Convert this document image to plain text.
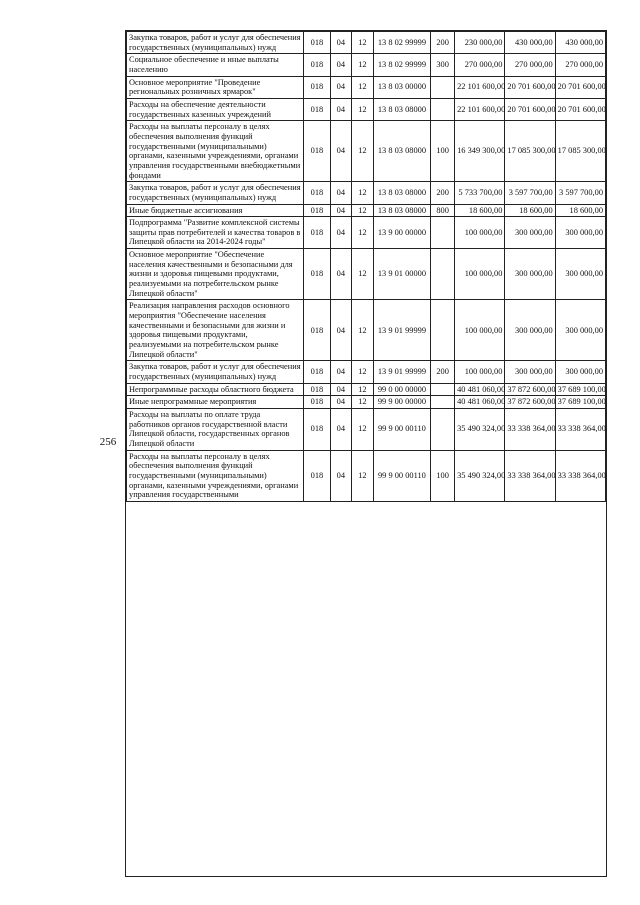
256
Закупка товаров, работ и услуг для обеспечения государственных (муниципальных) нужд	018	04	12	13 8 02 99999	200	230 000,00	430 000,00	430 000,00
Социальное обеспечение и иные выплаты населению	018	04	12	13 8 02 99999	300	270 000,00	270 000,00	270 000,00
Основное мероприятие "Проведение региональных розничных ярмарок"	018	04	12	13 8 03 00000		22 101 600,00	20 701 600,00	20 701 600,00
Расходы на обеспечение деятельности государственных казенных учреждений	018	04	12	13 8 03 08000		22 101 600,00	20 701 600,00	20 701 600,00
Расходы на выплаты персоналу в целях обеспечения выполнения функций государственными (муниципальными) органами, казенными учреждениями, органами управления государственными внебюджетными фондами	018	04	12	13 8 03 08000	100	16 349 300,00	17 085 300,00	17 085 300,00
Закупка товаров, работ и услуг для обеспечения государственных (муниципальных) нужд	018	04	12	13 8 03 08000	200	5 733 700,00	3 597 700,00	3 597 700,00
Иные бюджетные ассигнования	018	04	12	13 8 03 08000	800	18 600,00	18 600,00	18 600,00
Подпрограмма "Развитие комплексной системы защиты прав потребителей и качества товаров в Липецкой области на 2014-2024 годы"	018	04	12	13 9 00 00000		100 000,00	300 000,00	300 000,00
Основное мероприятие "Обеспечение населения качественными и безопасными для жизни и здоровья пищевыми продуктами, реализуемыми на потребительском рынке Липецкой области"	018	04	12	13 9 01 00000		100 000,00	300 000,00	300 000,00
Реализация направления расходов основного мероприятия "Обеспечение населения качественными и безопасными для жизни и здоровья пищевыми продуктами, реализуемыми на потребительском рынке Липецкой области"	018	04	12	13 9 01 99999		100 000,00	300 000,00	300 000,00
Закупка товаров, работ и услуг для обеспечения государственных (муниципальных) нужд	018	04	12	13 9 01 99999	200	100 000,00	300 000,00	300 000,00
Непрограммные расходы областного бюджета	018	04	12	99 0 00 00000		40 481 060,00	37 872 600,00	37 689 100,00
Иные непрограммные мероприятия	018	04	12	99 9 00 00000		40 481 060,00	37 872 600,00	37 689 100,00
Расходы на выплаты по оплате труда работников органов государственной власти Липецкой области, государственных органов Липецкой области	018	04	12	99 9 00 00110		35 490 324,00	33 338 364,00	33 338 364,00
Расходы на выплаты персоналу в целях обеспечения выполнения функций государственными (муниципальными) органами, казенными учреждениями, органами управления государственными	018	04	12	99 9 00 00110	100	35 490 324,00	33 338 364,00	33 338 364,00
